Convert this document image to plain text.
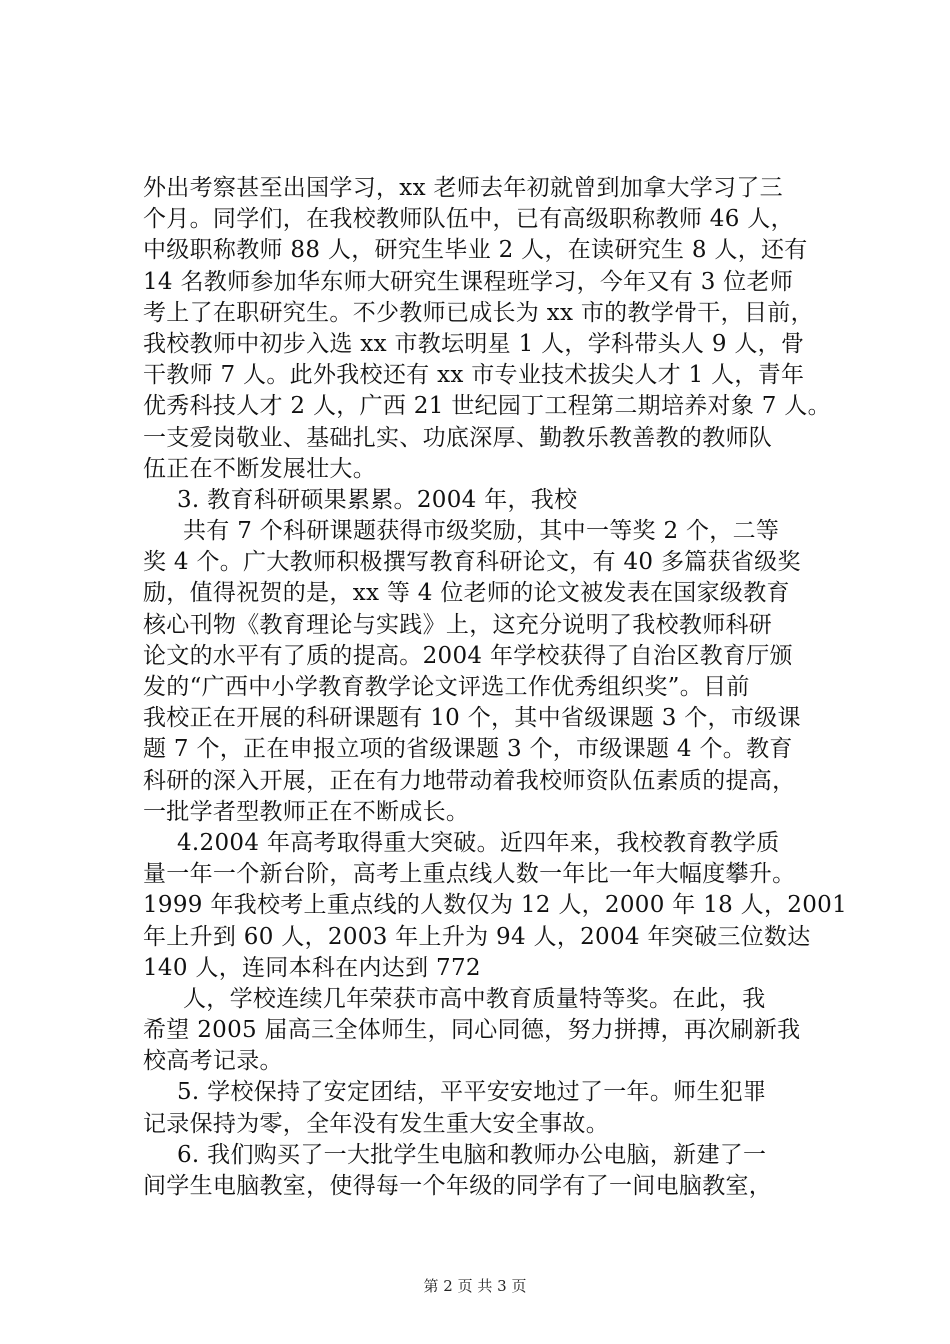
外出考察甚至出国学习，xx 老师去年初就曾到加拿大学习了三
个月。同学们，在我校教师队伍中，已有高级职称教师 46 人，
中级职称教师 88 人，研究生毕业 2 人，在读研究生 8 人，还有
14 名教师参加华东师大研究生课程班学习，今年又有 3 位老师
考上了在职研究生。不少教师已成长为 xx 市的教学骨干，目前，
我校教师中初步入选 xx 市教坛明星 1 人，学科带头人 9 人，骨
干教师 7 人。此外我校还有 xx 市专业技术拔尖人才 1 人，青年
优秀科技人才 2 人，广西 21 世纪园丁工程第二期培养对象 7 人。
一支爱岗敬业、基础扎实、功底深厚、勤教乐教善教的教师队
伍正在不断发展壮大。
3. 教育科研硕果累累。2004 年，我校
共有 7 个科研课题获得市级奖励，其中一等奖 2 个，二等
奖 4 个。广大教师积极撰写教育科研论文，有 40 多篇获省级奖
励，值得祝贺的是，xx 等 4 位老师的论文被发表在国家级教育
核心刊物《教育理论与实践》上，这充分说明了我校教师科研
论文的水平有了质的提高。2004 年学校获得了自治区教育厅颁
发的“广西中小学教育教学论文评选工作优秀组织奖”。目前
我校正在开展的科研课题有 10 个，其中省级课题 3 个，市级课
题 7 个，正在申报立项的省级课题 3 个，市级课题 4 个。教育
科研的深入开展，正在有力地带动着我校师资队伍素质的提高，
一批学者型教师正在不断成长。
4.2004 年高考取得重大突破。近四年来，我校教育教学质
量一年一个新台阶，高考上重点线人数一年比一年大幅度攀升。
1999 年我校考上重点线的人数仅为 12 人，2000 年 18 人，2001
年上升到 60 人，2003 年上升为 94 人，2004 年突破三位数达
140 人，连同本科在内达到 772
人，学校连续几年荣获市高中教育质量特等奖。在此，我
希望 2005 届高三全体师生，同心同德，努力拼搏，再次刷新我
校高考记录。
5. 学校保持了安定团结，平平安安地过了一年。师生犯罪
记录保持为零，全年没有发生重大安全事故。
6. 我们购买了一大批学生电脑和教师办公电脑，新建了一
间学生电脑教室，使得每一个年级的同学有了一间电脑教室，
第 2 页 共 3 页
